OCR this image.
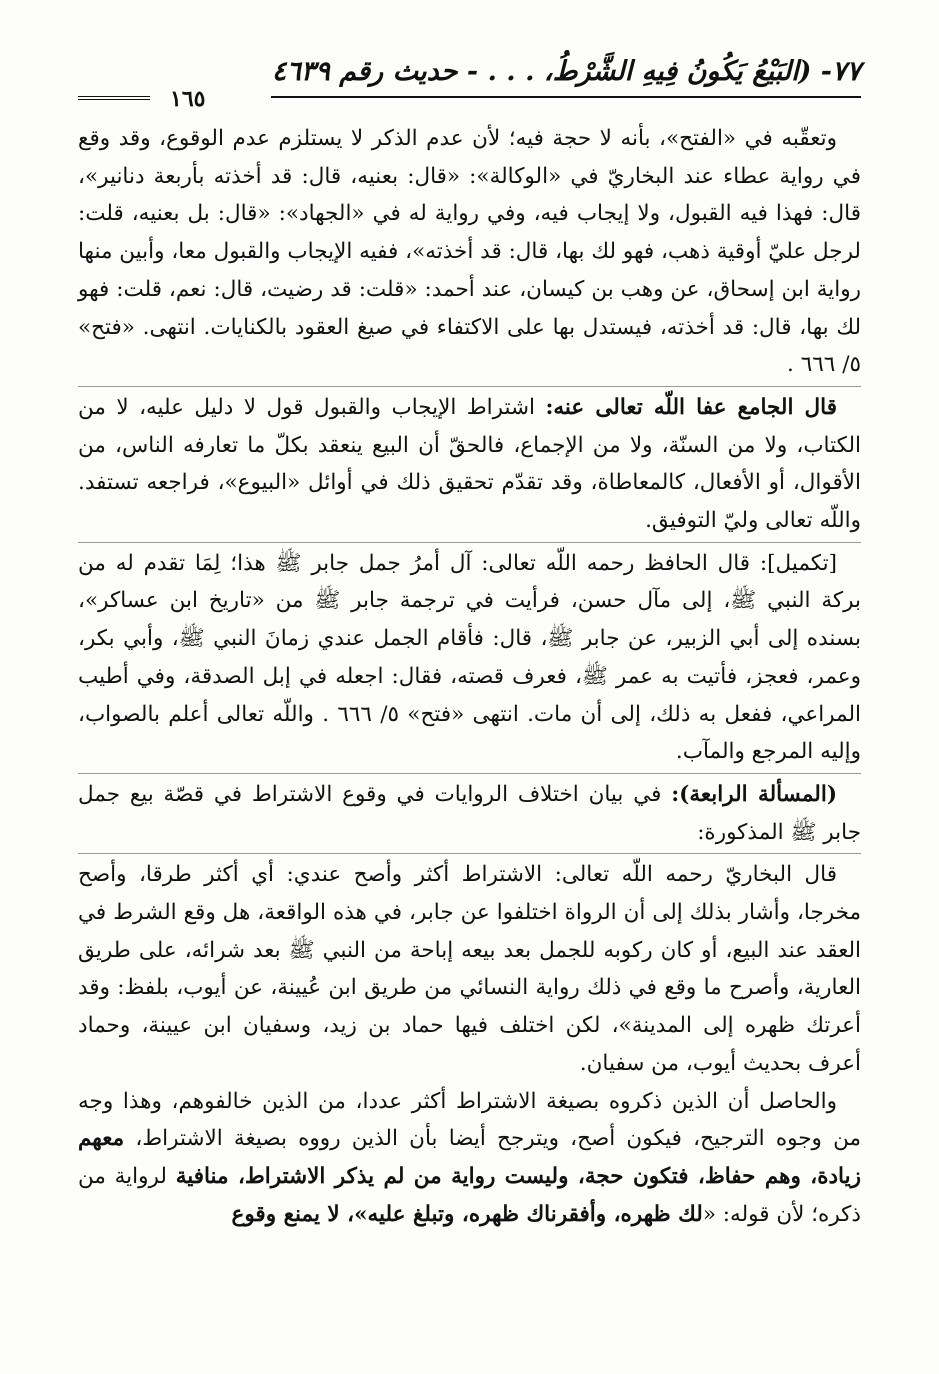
٧٧- (البَيْعُ يَكُونُ فِيهِ الشَّرْطُ، . . . - حديث رقم ٤٦٣٩
١٦٥

وتعقّبه في «الفتح»، بأنه لا حجة فيه؛ لأن عدم الذكر لا يستلزم عدم الوقوع، وقد وقع في رواية عطاء عند البخاريّ في «الوكالة»: «قال: بعنيه، قال: قد أخذته بأربعة دنانير»، قال: فهذا فيه القبول، ولا إيجاب فيه، وفي رواية له في «الجهاد»: «قال: بل بعنيه، قلت: لرجل عليّ أوقية ذهب، فهو لك بها، قال: قد أخذته»، ففيه الإيجاب والقبول معا، وأبين منها رواية ابن إسحاق، عن وهب بن كيسان، عند أحمد: «قلت: قد رضيت، قال: نعم، قلت: فهو لك بها، قال: قد أخذته، فيستدل بها على الاكتفاء في صيغ العقود بالكنايات. انتهى. «فتح» ٥/ ٦٦٦ .

قال الجامع عفا اللّه تعالى عنه: اشتراط الإيجاب والقبول قول لا دليل عليه، لا من الكتاب، ولا من السنّة، ولا من الإجماع، فالحقّ أن البيع ينعقد بكلّ ما تعارفه الناس، من الأقوال، أو الأفعال، كالمعاطاة، وقد تقدّم تحقيق ذلك في أوائل «البيوع»، فراجعه تستفد. واللّه تعالى وليّ التوفيق.

[تكميل]: قال الحافظ رحمه اللّه تعالى: آل أمرُ جمل جابر ﷺ هذا؛ لِمَا تقدم له من بركة النبي ﷺ، إلى مآل حسن، فرأيت في ترجمة جابر ﷺ من «تاريخ ابن عساكر»، بسنده إلى أبي الزبير، عن جابر ﷺ، قال: فأقام الجمل عندي زمانَ النبي ﷺ، وأبي بكر، وعمر، فعجز، فأتيت به عمر ﷺ، فعرف قصته، فقال: اجعله في إبل الصدقة، وفي أطيب المراعي، ففعل به ذلك، إلى أن مات. انتهى «فتح» ٥/ ٦٦٦ . واللّه تعالى أعلم بالصواب، وإليه المرجع والمآب.

(المسألة الرابعة): في بيان اختلاف الروايات في وقوع الاشتراط في قصّة بيع جمل جابر ﷺ المذكورة:

قال البخاريّ رحمه اللّه تعالى: الاشتراط أكثر وأصح عندي: أي أكثر طرقا، وأصح مخرجا، وأشار بذلك إلى أن الرواة اختلفوا عن جابر، في هذه الواقعة، هل وقع الشرط في العقد عند البيع، أو كان ركوبه للجمل بعد بيعه إباحة من النبي ﷺ بعد شرائه، على طريق العارية، وأصرح ما وقع في ذلك رواية النسائي من طريق ابن عُيينة، عن أيوب، بلفظ: وقد أعرتك ظهره إلى المدينة»، لكن اختلف فيها حماد بن زيد، وسفيان ابن عيينة، وحماد أعرف بحديث أيوب، من سفيان.

والحاصل أن الذين ذكروه بصيغة الاشتراط أكثر عددا، من الذين خالفوهم، وهذا وجه من وجوه الترجيح، فيكون أصح، ويترجح أيضا بأن الذين رووه بصيغة الاشتراط، معهم زيادة، وهم حفاظ، فتكون حجة، وليست رواية من لم يذكر الاشتراط، منافية لرواية من ذكره؛ لأن قوله: «لك ظهره، وأفقرناك ظهره، وتبلغ عليه»، لا يمنع وقوع
